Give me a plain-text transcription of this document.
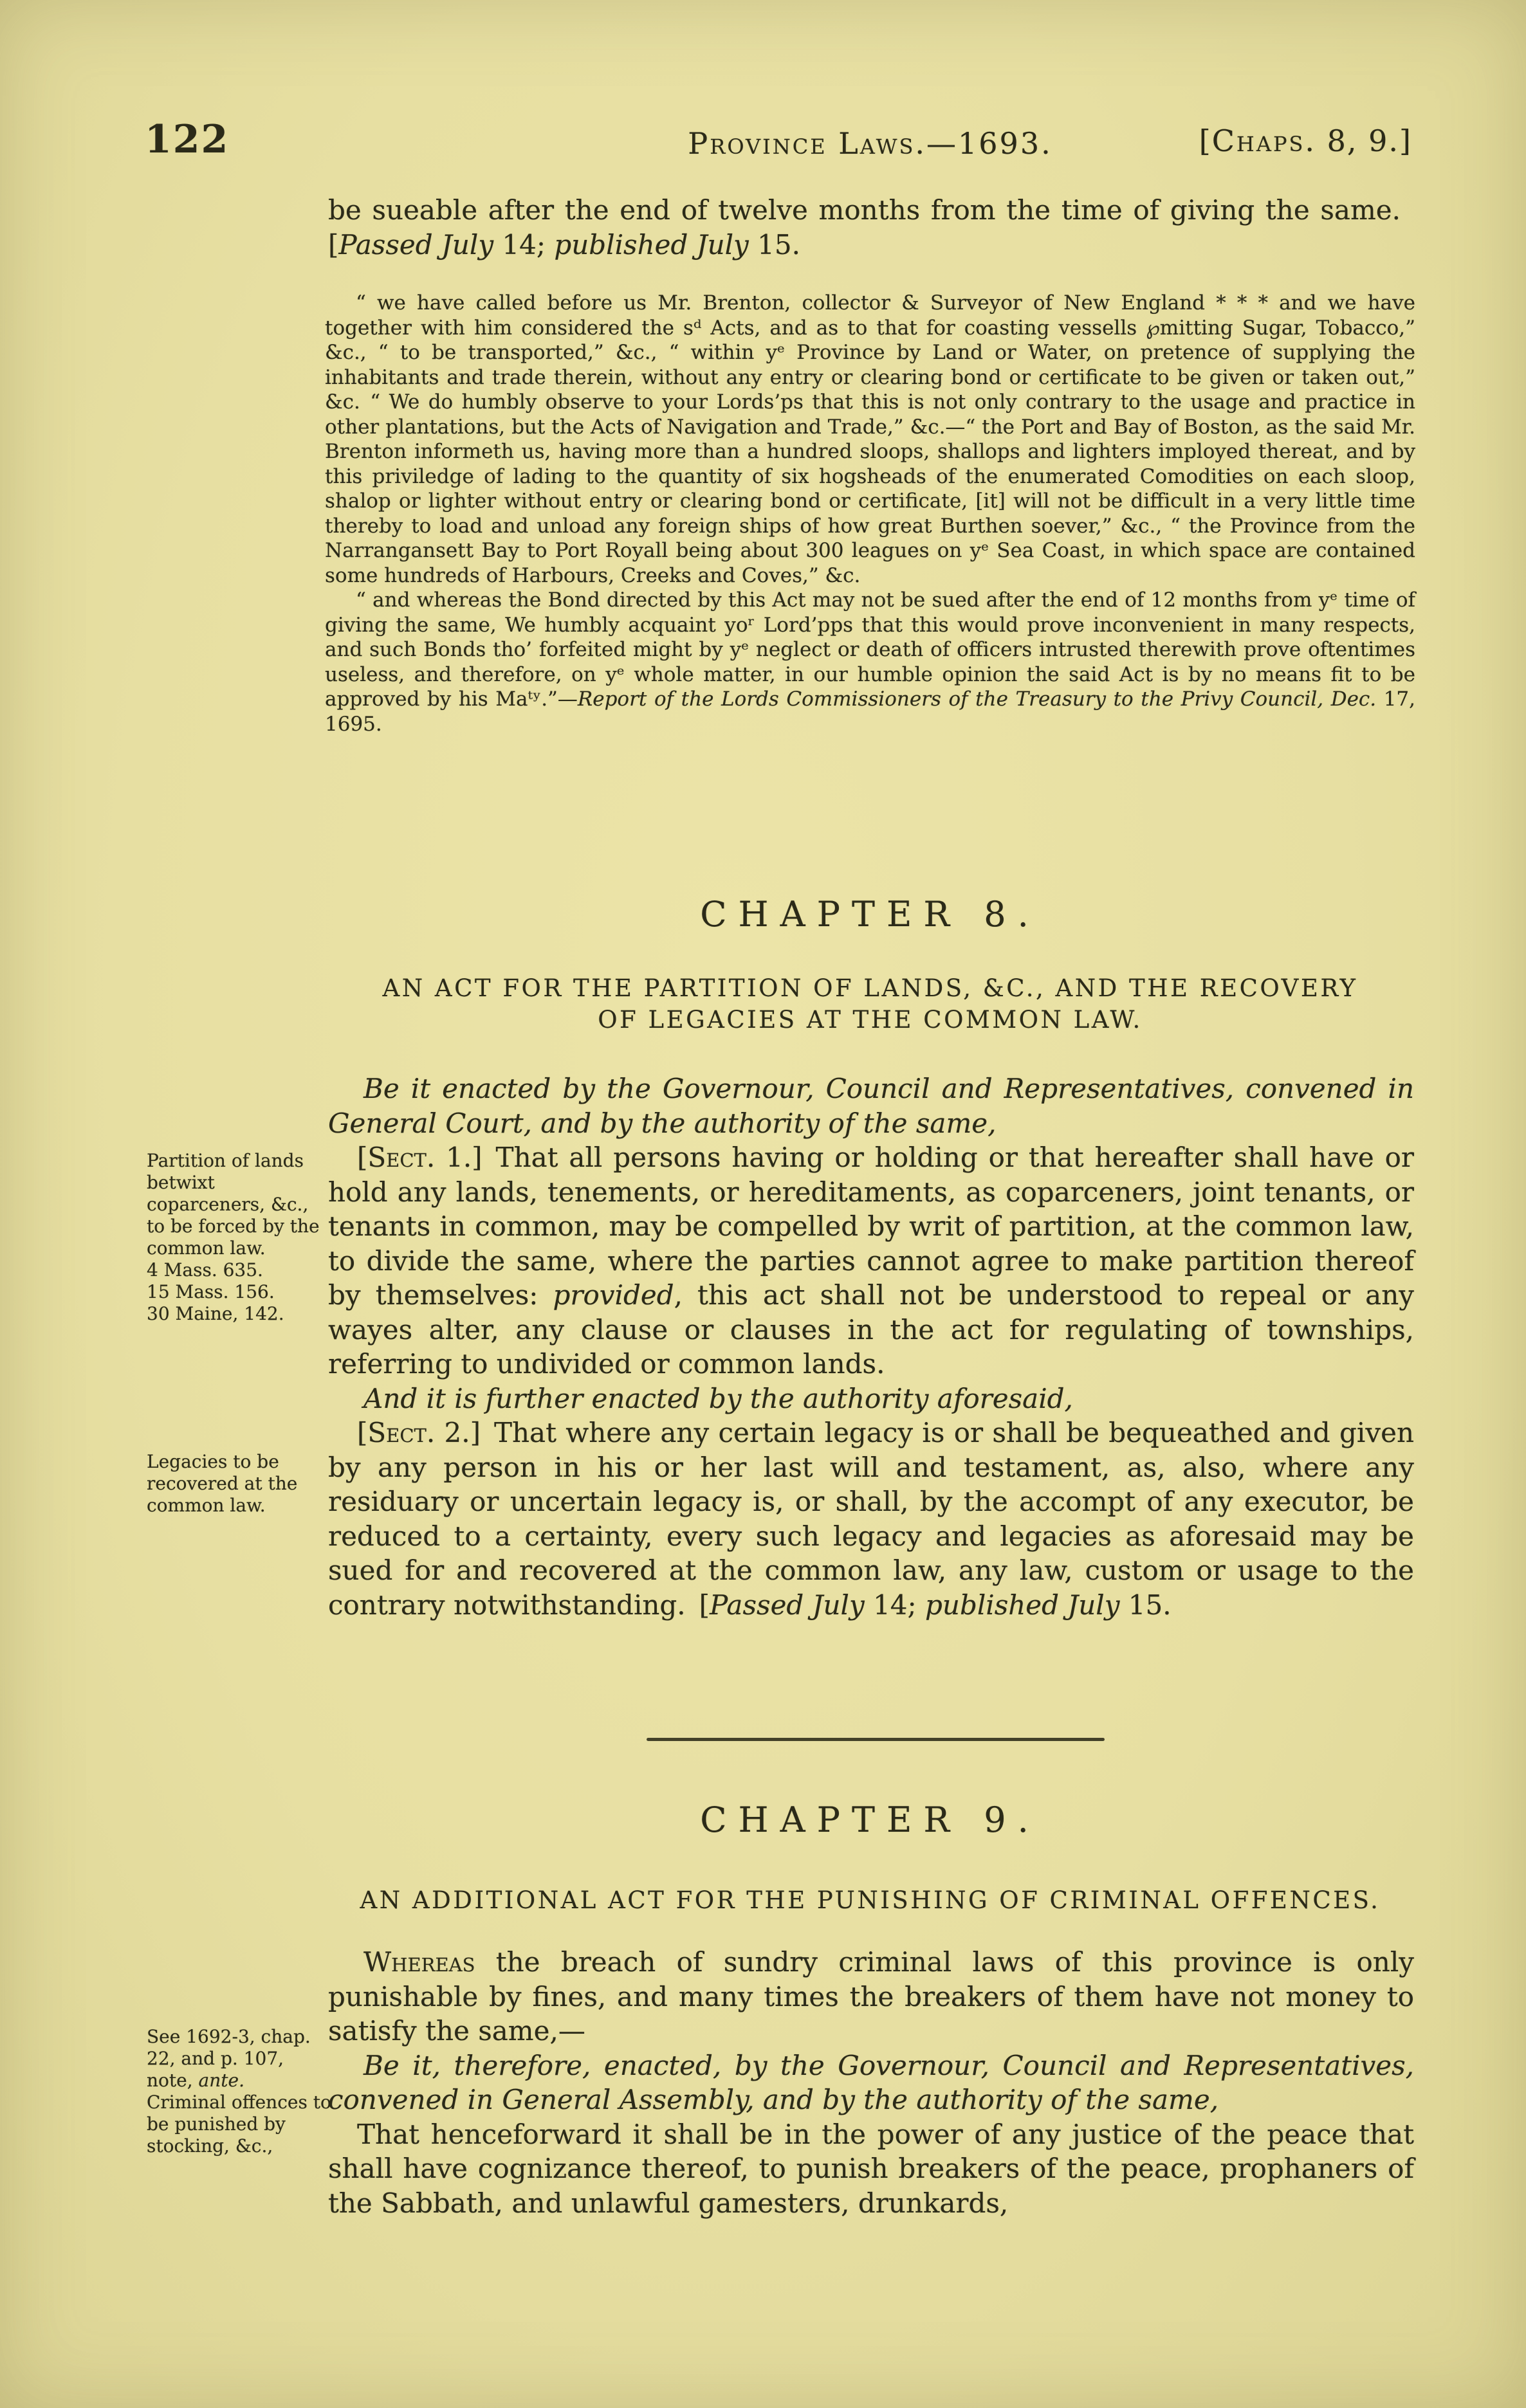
122	Province Laws.—1693.	[Chaps. 8, 9.]
be sueable after the end of twelve months from the time of giving the same. [Passed July 14; published July 15.

“ we have called before us Mr. Brenton, collector & Surveyor of New England * * * and we have together with him considered the sᵈ Acts, and as to that for coasting vessells ℘mitting Sugar, Tobacco,” &c., “ to be transported,” &c., “ within yᵉ Province by Land or Water, on pretence of supplying the inhabitants and trade therein, without any entry or clearing bond or certificate to be given or taken out,” &c. “ We do humbly observe to your Lords’ps that this is not only contrary to the usage and practice in other plantations, but the Acts of Navigation and Trade,” &c.—“ the Port and Bay of Boston, as the said Mr. Brenton informeth us, having more than a hundred sloops, shallops and lighters imployed thereat, and by this priviledge of lading to the quantity of six hogsheads of the enumerated Comodities on each sloop, shalop or lighter without entry or clearing bond or certificate, [it] will not be difficult in a very little time thereby to load and unload any foreign ships of how great Burthen soever,” &c., “ the Province from the Narrangansett Bay to Port Royall being about 300 leagues on yᵉ Sea Coast, in which space are contained some hundreds of Harbours, Creeks and Coves,” &c.

“ and whereas the Bond directed by this Act may not be sued after the end of 12 months from yᵉ time of giving the same, We humbly acquaint yoʳ Lord’pps that this would prove inconvenient in many respects, and such Bonds tho’ forfeited might by yᵉ neglect or death of officers intrusted therewith prove oftentimes useless, and therefore, on yᵉ whole matter, in our humble opinion the said Act is by no means fit to be approved by his Maᵗʸ.”—Report of the Lords Commissioners of the Treasury to the Privy Council, Dec. 17, 1695.

CHAPTER 8.
AN ACT FOR THE PARTITION OF LANDS, &C., AND THE RECOVERY OF LEGACIES AT THE COMMON LAW.

Be it enacted by the Governour, Council and Representatives, convened in General Court, and by the authority of the same,

[Sect. 1.] That all persons having or holding or that hereafter shall have or hold any lands, tenements, or hereditaments, as coparceners, joint tenants, or tenants in common, may be compelled by writ of partition, at the common law, to divide the same, where the parties cannot agree to make partition thereof by themselves: provided, this act shall not be understood to repeal or any wayes alter, any clause or clauses in the act for regulating of townships, referring to undivided or common lands.

And it is further enacted by the authority aforesaid,

[Sect. 2.] That where any certain legacy is or shall be bequeathed and given by any person in his or her last will and testament, as, also, where any residuary or uncertain legacy is, or shall, by the accompt of any executor, be reduced to a certainty, every such legacy and legacies as aforesaid may be sued for and recovered at the common law, any law, custom or usage to the contrary notwithstanding. [Passed July 14; published July 15.

Partition of lands betwixt coparceners, &c., to be forced by the common law.

4 Mass. 635.

15 Mass. 156.

30 Maine, 142.

Legacies to be recovered at the common law.

CHAPTER 9.
AN ADDITIONAL ACT FOR THE PUNISHING OF CRIMINAL OFFENCES.

Whereas the breach of sundry criminal laws of this province is only punishable by fines, and many times the breakers of them have not money to satisfy the same,—

Be it, therefore, enacted, by the Governour, Council and Representatives, convened in General Assembly, and by the authority of the same,

That henceforward it shall be in the power of any justice of the peace that shall have cognizance thereof, to punish breakers of the peace, prophaners of the Sabbath, and unlawful gamesters, drunkards,

See 1692-3, chap. 22, and p. 107, note, ante.

Criminal offences to be punished by stocking, &c.,
